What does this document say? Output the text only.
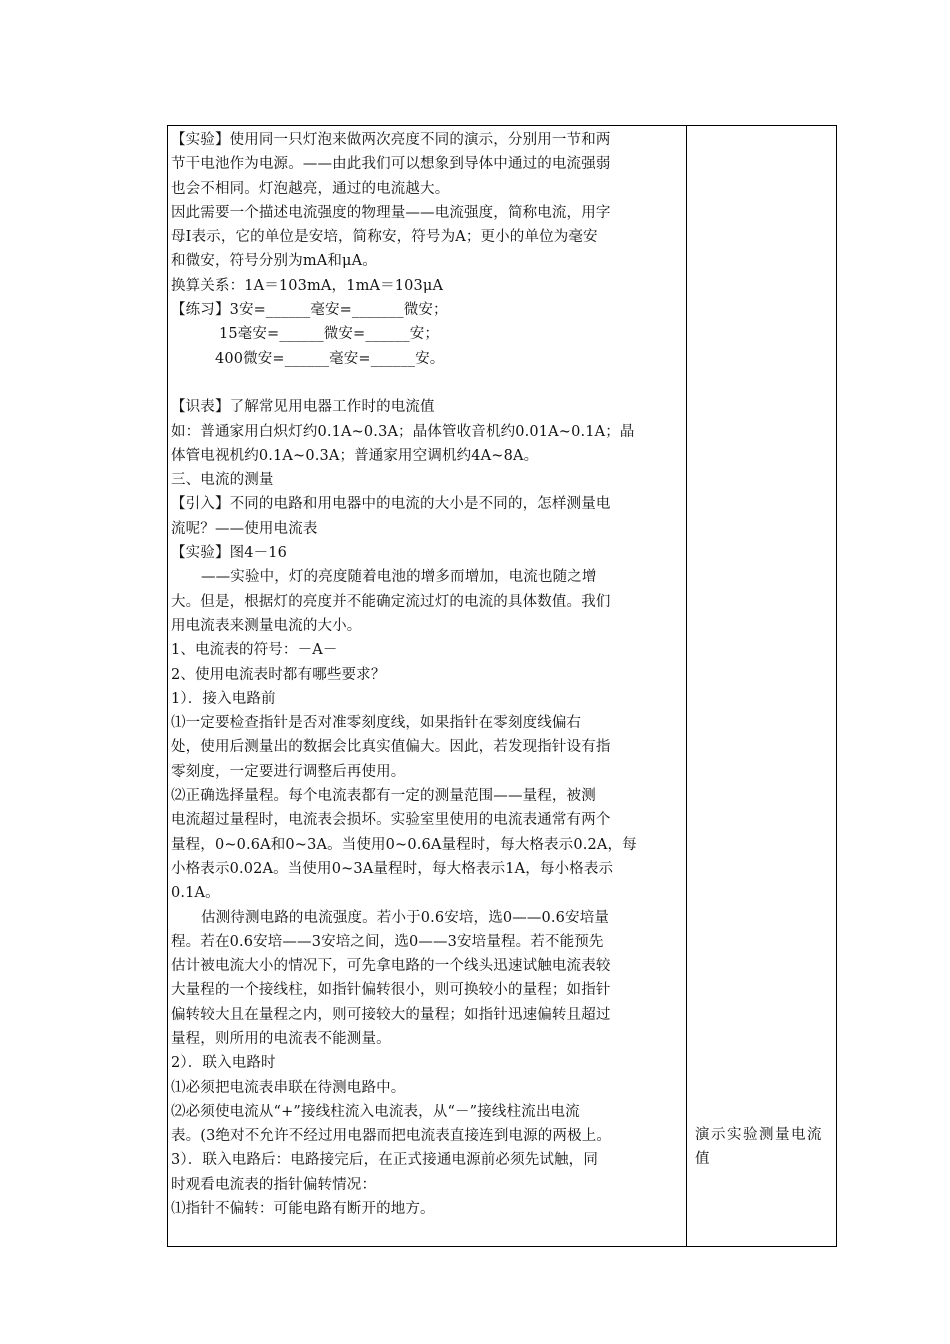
【实验】使用同一只灯泡来做两次亮度不同的演示，分别用一节和两
节干电池作为电源。——由此我们可以想象到导体中通过的电流强弱
也会不相同。灯泡越亮，通过的电流越大。
因此需要一个描述电流强度的物理量——电流强度，简称电流，用字
母Ⅰ表示，它的单位是安培，简称安，符号为A；更小的单位为毫安
和微安，符号分别为mA和μA。
换算关系：1A＝103mA，1mA＝103μA
【练习】3安=______毫安=_______微安；
15毫安=______微安=______安；
400微安=______毫安=______安。
【识表】了解常见用电器工作时的电流值
如：普通家用白炽灯约0.1A~0.3A；晶体管收音机约0.01A~0.1A；晶
体管电视机约0.1A~0.3A；普通家用空调机约4A~8A。
三、电流的测量
【引入】不同的电路和用电器中的电流的大小是不同的，怎样测量电
流呢？——使用电流表
【实验】图4－16
——实验中，灯的亮度随着电池的增多而增加，电流也随之增
大。但是，根据灯的亮度并不能确定流过灯的电流的具体数值。我们
用电流表来测量电流的大小。
1、电流表的符号：－A－
2、使用电流表时都有哪些要求？
1）．接入电路前
⑴一定要检查指针是否对准零刻度线，如果指针在零刻度线偏右
处，使用后测量出的数据会比真实值偏大。因此，若发现指针设有指
零刻度，一定要进行调整后再使用。
⑵正确选择量程。每个电流表都有一定的测量范围——量程，被测
电流超过量程时，电流表会损坏。实验室里使用的电流表通常有两个
量程，0~0.6A和0~3A。当使用0~0.6A量程时，每大格表示0.2A，每
小格表示0.02A。当使用0~3A量程时，每大格表示1A，每小格表示
0.1A。
估测待测电路的电流强度。若小于0.6安培，选0——0.6安培量
程。若在0.6安培——3安培之间，选0——3安培量程。若不能预先
估计被电流大小的情况下，可先拿电路的一个线头迅速试触电流表较
大量程的一个接线柱，如指针偏转很小，则可换较小的量程；如指针
偏转较大且在量程之内，则可接较大的量程；如指针迅速偏转且超过
量程，则所用的电流表不能测量。
2）．联入电路时
⑴必须把电流表串联在待测电路中。
⑵必须使电流从“+”接线柱流入电流表，从“－”接线柱流出电流
表。(3绝对不允许不经过用电器而把电流表直接连到电源的两极上。
3）．联入电路后：电路接完后，在正式接通电源前必须先试触，同
时观看电流表的指针偏转情况：
⑴指针不偏转：可能电路有断开的地方。
演示实验测量电流值
